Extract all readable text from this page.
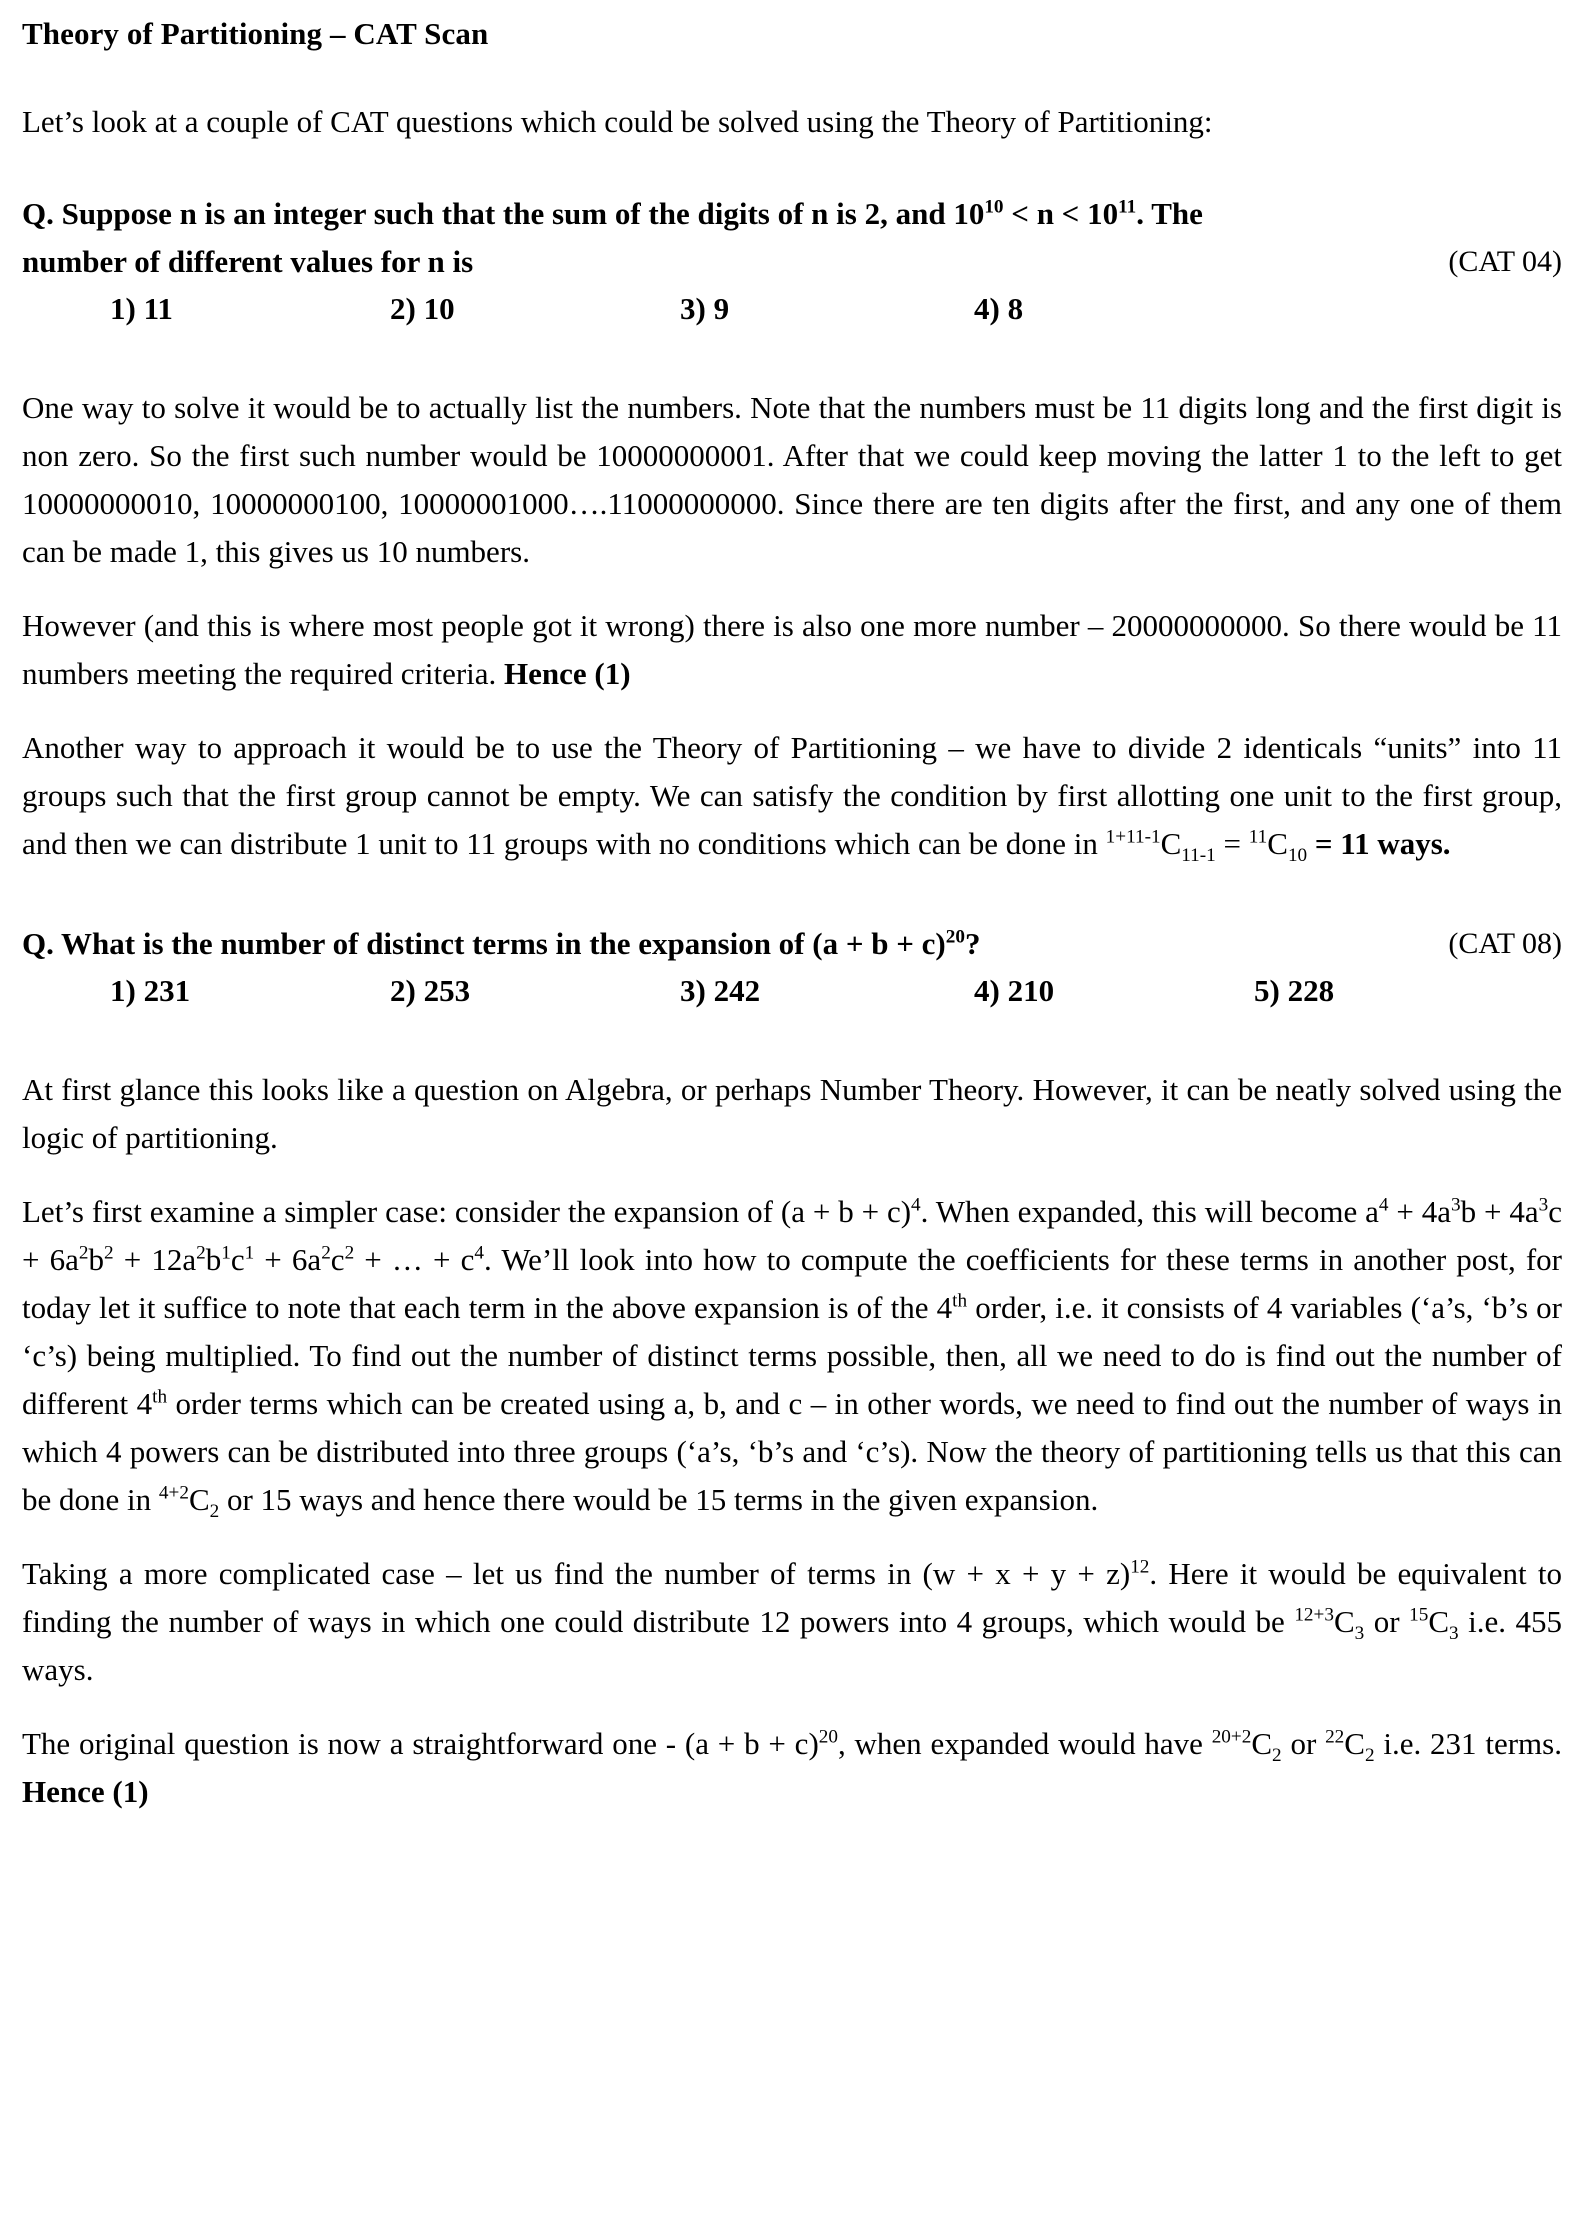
Theory of Partitioning – CAT Scan

Let’s look at a couple of CAT questions which could be solved using the Theory of Partitioning:

Q. Suppose n is an integer such that the sum of the digits of n is 2, and $10^{10} < n < 10^{11}$. The
number of different values for n is	(CAT 04)
1) 11	2) 10	3) 9	4) 8

One way to solve it would be to actually list the numbers. Note that the numbers must be 11 digits long and the first digit is non zero. So the first such number would be 10000000001. After that we could keep moving the latter 1 to the left to get 10000000010, 10000000100, 10000001000….11000000000. Since there are ten digits after the first, and any one of them can be made 1, this gives us 10 numbers.

However (and this is where most people got it wrong) there is also one more number – 20000000000. So there would be 11 numbers meeting the required criteria. Hence (1)

Another way to approach it would be to use the Theory of Partitioning – we have to divide 2 identicals “units” into 11 groups such that the first group cannot be empty. We can satisfy the condition by first allotting one unit to the first group, and then we can distribute 1 unit to 11 groups with no conditions which can be done in $^{1+11-1}C_{11-1} = ^{11}C_{10} = 11$ ways.

Q. What is the number of distinct terms in the expansion of $(a + b + c)^{20}$?	(CAT 08)
1) 231	2) 253	3) 242	4) 210	5) 228

At first glance this looks like a question on Algebra, or perhaps Number Theory. However, it can be neatly solved using the logic of partitioning.

Let’s first examine a simpler case: consider the expansion of $(a + b + c)^4$. When expanded, this will become $a^4 + 4a^3b + 4a^3c + 6a^2b^2 + 12a^2b^1c^1 + 6a^2c^2$ + … + $c^4$. We’ll look into how to compute the coefficients for these terms in another post, for today let it suffice to note that each term in the above expansion is of the 4th order, i.e. it consists of 4 variables (‘a’s, ‘b’s or ‘c’s) being multiplied. To find out the number of distinct terms possible, then, all we need to do is find out the number of different 4th order terms which can be created using a, b, and c – in other words, we need to find out the number of ways in which 4 powers can be distributed into three groups (‘a’s, ‘b’s and ‘c’s). Now the theory of partitioning tells us that this can be done in $^{4+2}C_2$ or 15 ways and hence there would be 15 terms in the given expansion.

Taking a more complicated case – let us find the number of terms in $(w + x + y + z)^{12}$. Here it would be equivalent to finding the number of ways in which one could distribute 12 powers into 4 groups, which would be $^{12+3}C_3$ or $^{15}C_3$ i.e. 455 ways.

The original question is now a straightforward one - $(a + b + c)^{20}$, when expanded would have $^{20+2}C_2$ or $^{22}C_2$ i.e. 231 terms. Hence (1)
